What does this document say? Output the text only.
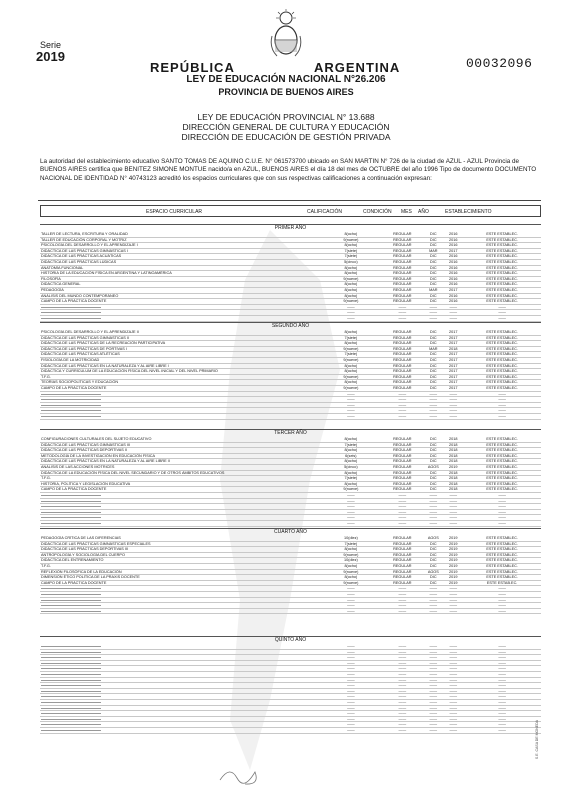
Serie
2019	00032096
REPÚBLICA	ARGENTINA
LEY DE EDUCACIÓN NACIONAL N°26.206
PROVINCIA DE BUENOS AIRES
LEY DE EDUCACIÓN PROVINCIAL N° 13.688
DIRECCIÓN GENERAL DE CULTURA Y EDUCACIÓN
DIRECCIÓN DE EDUCACIÓN DE GESTIÓN PRIVADA
La autoridad del establecimiento educativo SANTO TOMAS DE AQUINO C.U.E. N° 061573700 ubicado en SAN MARTIN N° 726 de la ciudad de AZUL - AZUL Provincia de BUENOS AIRES certifica que BENITEZ SIMONE MONTUE nacido/a en AZUL, BUENOS AIRES el día 18 del mes de OCTUBRE del año 1996 Tipo de documento DOCUMENTO NACIONAL DE IDENTIDAD N° 40743123 acreditó los espacios curriculares que con sus respectivas calificaciones a continuación expresan:
ESPACIO CURRICULAR	CALIFICACIÓN	CONDICIÓN MES AÑO	ESTABLECIMIENTO
PRIMER AÑO
TALLER DE LECTURA, ESCRITURA Y ORALIDAD	8(ocho)	REGULAR	DIC	2016	ESTE ESTABLEC.
TALLER DE EDUCACIÓN CORPORAL Y MOTRIZ	9(nueve)	REGULAR	DIC	2016	ESTE ESTABLEC.
PSICOLOGÍA DEL DESARROLLO Y EL APRENDIZAJE I	8(ocho)	REGULAR	DIC	2016	ESTE ESTABLEC.
DIDÁCTICA DE LAS PRÁCTICAS GIMNÁSTICAS I	7(siete)	REGULAR	MAR	2017	ESTE ESTABLEC.
DIDÁCTICA DE LAS PRÁCTICAS ACUÁTICAS	7(siete)	REGULAR	DIC	2016	ESTE ESTABLEC.
DIDÁCTICA DE LAS PRÁCTICAS LÚDICAS	5(cinco)	REGULAR	DIC	2016	ESTE ESTABLEC.
ANATOMÍA FUNCIONAL	8(ocho)	REGULAR	DIC	2016	ESTE ESTABLEC.
HISTORIA DE LA EDUCACIÓN FÍSICA EN ARGENTINA Y LATINOAMÉRICA	8(ocho)	REGULAR	DIC	2016	ESTE ESTABLEC.
FILOSOFÍA	9(nueve)	REGULAR	DIC	2016	ESTE ESTABLEC.
DIDÁCTICA GENERAL	8(ocho)	REGULAR	DIC	2016	ESTE ESTABLEC.
PEDAGOGÍA	8(ocho)	REGULAR	MAR	2017	ESTE ESTABLEC.
ANÁLISIS DEL MUNDO CONTEMPORÁNEO	8(ocho)	REGULAR	DIC	2016	ESTE ESTABLEC.
CAMPO DE LA PRÁCTICA DOCENTE	9(nueve)	REGULAR	DIC	2016	ESTE ESTABLEC.
	——	——	——	——	——
	——	——	——	——	——
	——	——	——	——	——
SEGUNDO AÑO
PSICOLOGÍA DEL DESARROLLO Y EL APRENDIZAJE II	8(ocho)	REGULAR	DIC	2017	ESTE ESTABLEC.
DIDÁCTICA DE LAS PRÁCTICAS GIMNÁSTICAS II	7(siete)	REGULAR	DIC	2017	ESTE ESTABLEC.
DIDÁCTICA DE LAS PRÁCTICAS DE LA RECREACIÓN PARTICIPATIVA	8(ocho)	REGULAR	DIC	2017	ESTE ESTABLEC.
DIDÁCTICA DE LAS PRÁCTICAS DE PORTIVAS I	9(nueve)	REGULAR	MAR	2018	ESTE ESTABLEC.
DIDÁCTICA DE LAS PRÁCTICAS ATLÉTICAS	7(siete)	REGULAR	DIC	2017	ESTE ESTABLEC.
FISIOLOGÍA DE LA MOTRICIDAD	9(nueve)	REGULAR	DIC	2017	ESTE ESTABLEC.
DIDÁCTICA DE LAS PRÁCTICAS EN LA NATURALEZA Y AL AIRE LIBRE I	8(ocho)	REGULAR	DIC	2017	ESTE ESTABLEC.
DIDÁCTICA Y CURRÍCULUM DE LA EDUCACIÓN FÍSICA DEL NIVEL INICIAL Y DEL NIVEL PRIMARIO	8(ocho)	REGULAR	DIC	2017	ESTE ESTABLEC.
T.F.G.	9(nueve)	REGULAR	DIC	2017	ESTE ESTABLEC.
TEORÍAS SOCIOPOLÍTICAS Y EDUCACIÓN	8(ocho)	REGULAR	DIC	2017	ESTE ESTABLEC.
CAMPO DE LA PRÁCTICA DOCENTE	9(nueve)	REGULAR	DIC	2017	ESTE ESTABLEC.
	——	——	——	——	——
	——	——	——	——	——
	——	——	——	——	——
	——	——	——	——	——
	——	——	——	——	——
TERCER AÑO
CONFIGURACIONES CULTURALES DEL SUJETO EDUCATIVO	8(ocho)	REGULAR	DIC	2018	ESTE ESTABLEC.
DIDÁCTICA DE LAS PRÁCTICAS GIMNÁSTICAS III	7(siete)	REGULAR	DIC	2018	ESTE ESTABLEC.
DIDÁCTICA DE LAS PRÁCTICAS DEPORTIVAS II	8(ocho)	REGULAR	DIC	2018	ESTE ESTABLEC.
METODOLOGÍA DE LA INVESTIGACIÓN EN EDUCACIÓN FÍSICA	6(seis)	REGULAR	DIC	2018	ESTE ESTABLEC.
DIDÁCTICA DE LAS PRÁCTICAS EN LA NATURALEZA Y AL AIRE LIBRE II	8(ocho)	REGULAR	DIC	2018	ESTE ESTABLEC.
ANÁLISIS DE LAS ACCIONES MOTRICES	5(cinco)	REGULAR	AGOS	2019	ESTE ESTABLEC.
DIDÁCTICA DE LA EDUCACIÓN FÍSICA DEL NIVEL SECUNDARIO Y DE OTROS ÁMBITOS EDUCATIVOS	8(ocho)	REGULAR	DIC	2018	ESTE ESTABLEC.
T.F.G.	7(siete)	REGULAR	DIC	2018	ESTE ESTABLEC.
HISTORIA, POLÍTICA Y LEGISLACIÓN EDUCATIVA	8(ocho)	REGULAR	DIC	2018	ESTE ESTABLEC.
CAMPO DE LA PRÁCTICA DOCENTE	9(nueve)	REGULAR	DIC	2018	ESTE ESTABLEC.
	——	——	——	——	——
	——	——	——	——	——
	——	——	——	——	——
	——	——	——	——	——
	——	——	——	——	——
	——	——	——	——	——
CUARTO AÑO
PEDAGOGÍA CRÍTICA DE LAS DIFERENCIAS	10(diez)	REGULAR	AGOS	2019	ESTE ESTABLEC.
DIDÁCTICA DE LAS PRÁCTICAS GIMNÁSTICAS ESPECIALES	7(siete)	REGULAR	DIC	2019	ESTE ESTABLEC.
DIDÁCTICA DE LAS PRÁCTICAS DEPORTIVAS III	8(ocho)	REGULAR	DIC	2019	ESTE ESTABLEC.
ANTROPOLOGÍA Y SOCIOLOGÍA DEL CUERPO	9(nueve)	REGULAR	DIC	2019	ESTE ESTABLEC.
DIDÁCTICA DEL ENTRENAMIENTO	10(diez)	REGULAR	DIC	2019	ESTE ESTABLEC.
T.F.G.	8(ocho)	REGULAR	DIC	2019	ESTE ESTABLEC.
REFLEXIÓN FILOSÓFICA DE LA EDUCACIÓN	9(nueve)	REGULAR	AGOS	2019	ESTE ESTABLEC.
DIMENSIÓN ÉTICO POLÍTICA DE LA PRAXIS DOCENTE	8(ocho)	REGULAR	DIC	2019	ESTE ESTABLEC.
CAMPO DE LA PRÁCTICA DOCENTE	9(nueve)	REGULAR	DIC	2019	ESTE ESTAB.EC.
	——	——	——	——	——
	——	——	——	——	——
	——	——	——	——	——
	——	——	——	——	——
	——	——	——	——	——
QUINTO AÑO
	——	——	——	——	——
	——	——	——	——	——
	——	——	——	——	——
	——	——	——	——	——
	——	——	——	——	——
	——	——	——	——	——
	——	——	——	——	——
	——	——	——	——	——
	——	——	——	——	——
	——	——	——	——	——
	——	——	——	——	——
	——	——	——	——	——
	——	——	——	——	——
	——	——	——	——	——
	——	——	——	——	——
	——	——	——	——	——	S.E. CASA DE MONEDA
